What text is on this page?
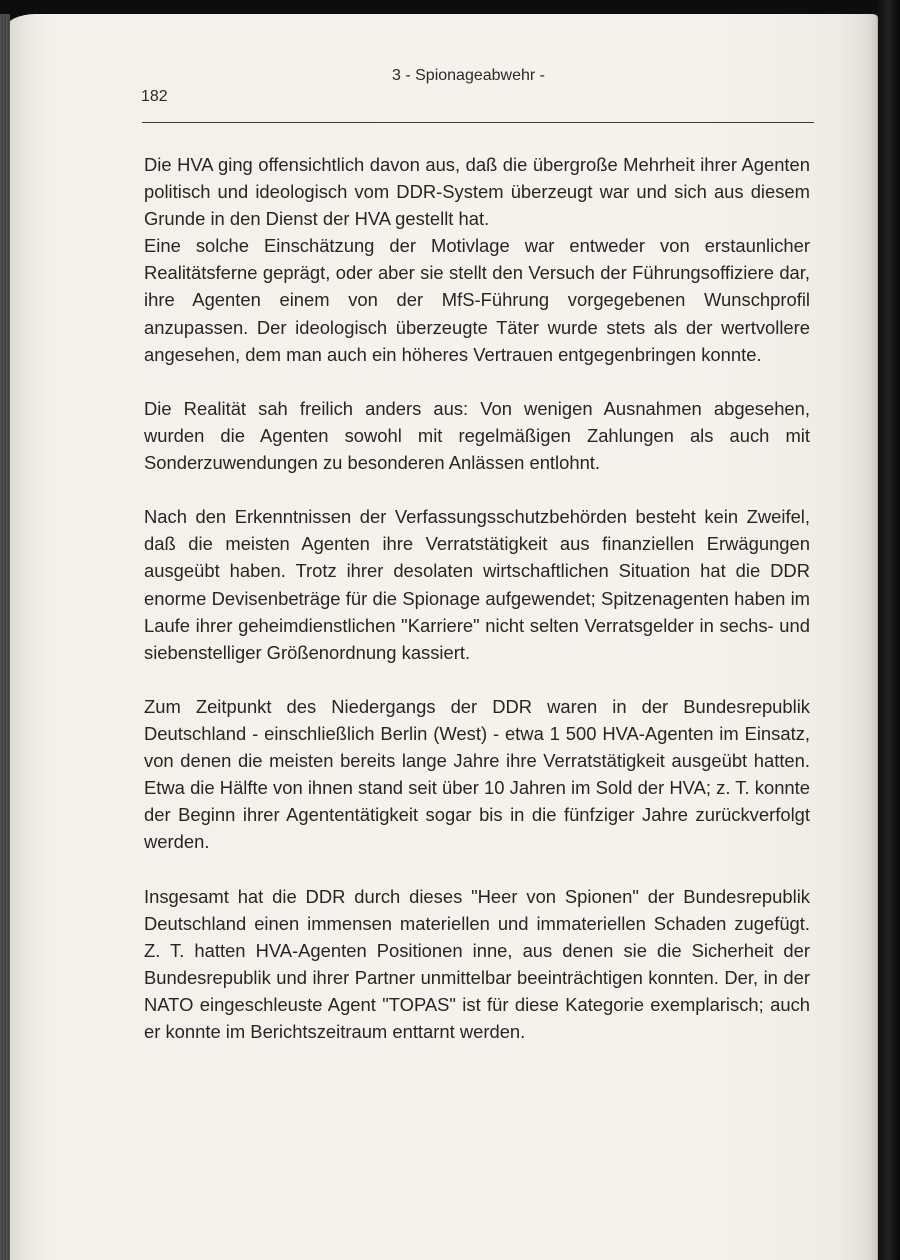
3 - Spionageabwehr -
182

Die HVA ging offensichtlich davon aus, daß die übergroße Mehrheit ihrer Agenten politisch und ideologisch vom DDR-System überzeugt war und sich aus diesem Grunde in den Dienst der HVA gestellt hat.

Eine solche Einschätzung der Motivlage war entweder von erstaunlicher Realitätsferne geprägt, oder aber sie stellt den Versuch der Führungsoffiziere dar, ihre Agenten einem von der MfS-Führung vorgegebenen Wunschprofil anzupassen. Der ideologisch überzeugte Täter wurde stets als der wertvollere angesehen, dem man auch ein höheres Vertrauen entgegenbringen konnte.

Die Realität sah freilich anders aus: Von wenigen Ausnahmen abgesehen, wurden die Agenten sowohl mit regelmäßigen Zahlungen als auch mit Sonderzuwendungen zu besonderen Anlässen entlohnt.

Nach den Erkenntnissen der Verfassungsschutzbehörden besteht kein Zweifel, daß die meisten Agenten ihre Verratstätigkeit aus finanziellen Erwägungen ausgeübt haben. Trotz ihrer desolaten wirtschaftlichen Situation hat die DDR enorme Devisenbeträge für die Spionage aufgewendet; Spitzenagenten haben im Laufe ihrer geheimdienstlichen "Karriere" nicht selten Verratsgelder in sechs- und siebenstelliger Größenordnung kassiert.

Zum Zeitpunkt des Niedergangs der DDR waren in der Bundesrepublik Deutschland - einschließlich Berlin (West) - etwa 1 500 HVA-Agenten im Einsatz, von denen die meisten bereits lange Jahre ihre Verratstätigkeit ausgeübt hatten. Etwa die Hälfte von ihnen stand seit über 10 Jahren im Sold der HVA; z. T. konnte der Beginn ihrer Agententätigkeit sogar bis in die fünfziger Jahre zurückverfolgt werden.

Insgesamt hat die DDR durch dieses "Heer von Spionen" der Bundesrepublik Deutschland einen immensen materiellen und immateriellen Schaden zugefügt. Z. T. hatten HVA-Agenten Positionen inne, aus denen sie die Sicherheit der Bundesrepublik und ihrer Partner unmittelbar beeinträchtigen konnten. Der, in der NATO eingeschleuste Agent "TOPAS" ist für diese Kategorie exemplarisch; auch er konnte im Berichtszeitraum enttarnt werden.
